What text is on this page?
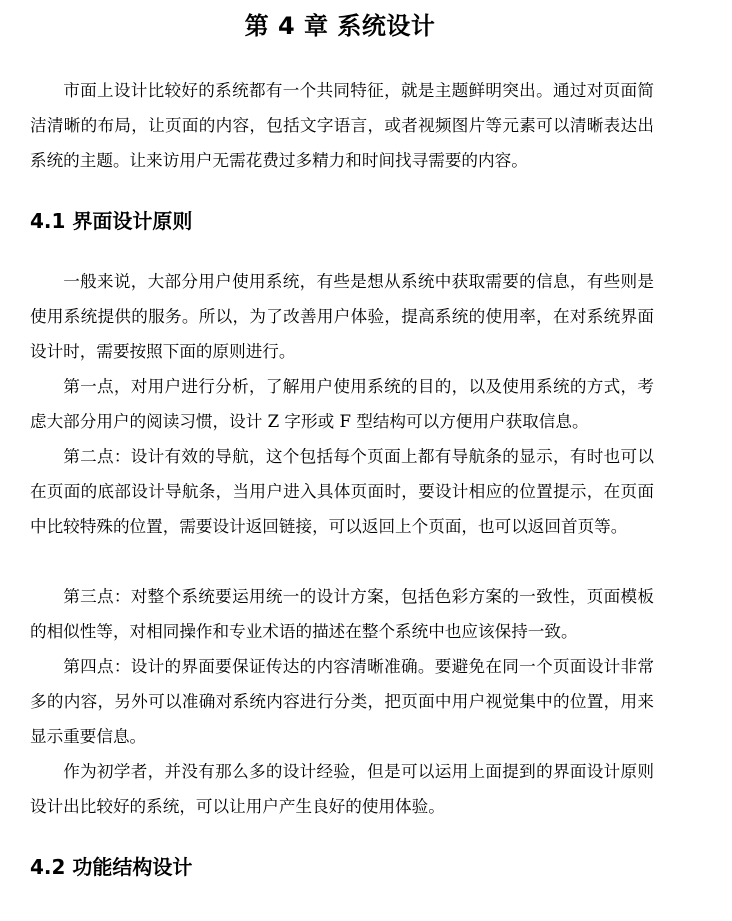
第 4 章 系统设计

市面上设计比较好的系统都有一个共同特征，就是主题鲜明突出。通过对页面简洁清晰的布局，让页面的内容，包括文字语言，或者视频图片等元素可以清晰表达出系统的主题。让来访用户无需花费过多精力和时间找寻需要的内容。

4.1 界面设计原则

一般来说，大部分用户使用系统，有些是想从系统中获取需要的信息，有些则是使用系统提供的服务。所以，为了改善用户体验，提高系统的使用率，在对系统界面设计时，需要按照下面的原则进行。

第一点，对用户进行分析，了解用户使用系统的目的，以及使用系统的方式，考虑大部分用户的阅读习惯，设计 Z 字形或 F 型结构可以方便用户获取信息。

第二点：设计有效的导航，这个包括每个页面上都有导航条的显示，有时也可以在页面的底部设计导航条，当用户进入具体页面时，要设计相应的位置提示，在页面中比较特殊的位置，需要设计返回链接，可以返回上个页面，也可以返回首页等。

第三点：对整个系统要运用统一的设计方案，包括色彩方案的一致性，页面模板的相似性等，对相同操作和专业术语的描述在整个系统中也应该保持一致。

第四点：设计的界面要保证传达的内容清晰准确。要避免在同一个页面设计非常多的内容，另外可以准确对系统内容进行分类，把页面中用户视觉集中的位置，用来显示重要信息。

作为初学者，并没有那么多的设计经验，但是可以运用上面提到的界面设计原则设计出比较好的系统，可以让用户产生良好的使用体验。

4.2 功能结构设计
